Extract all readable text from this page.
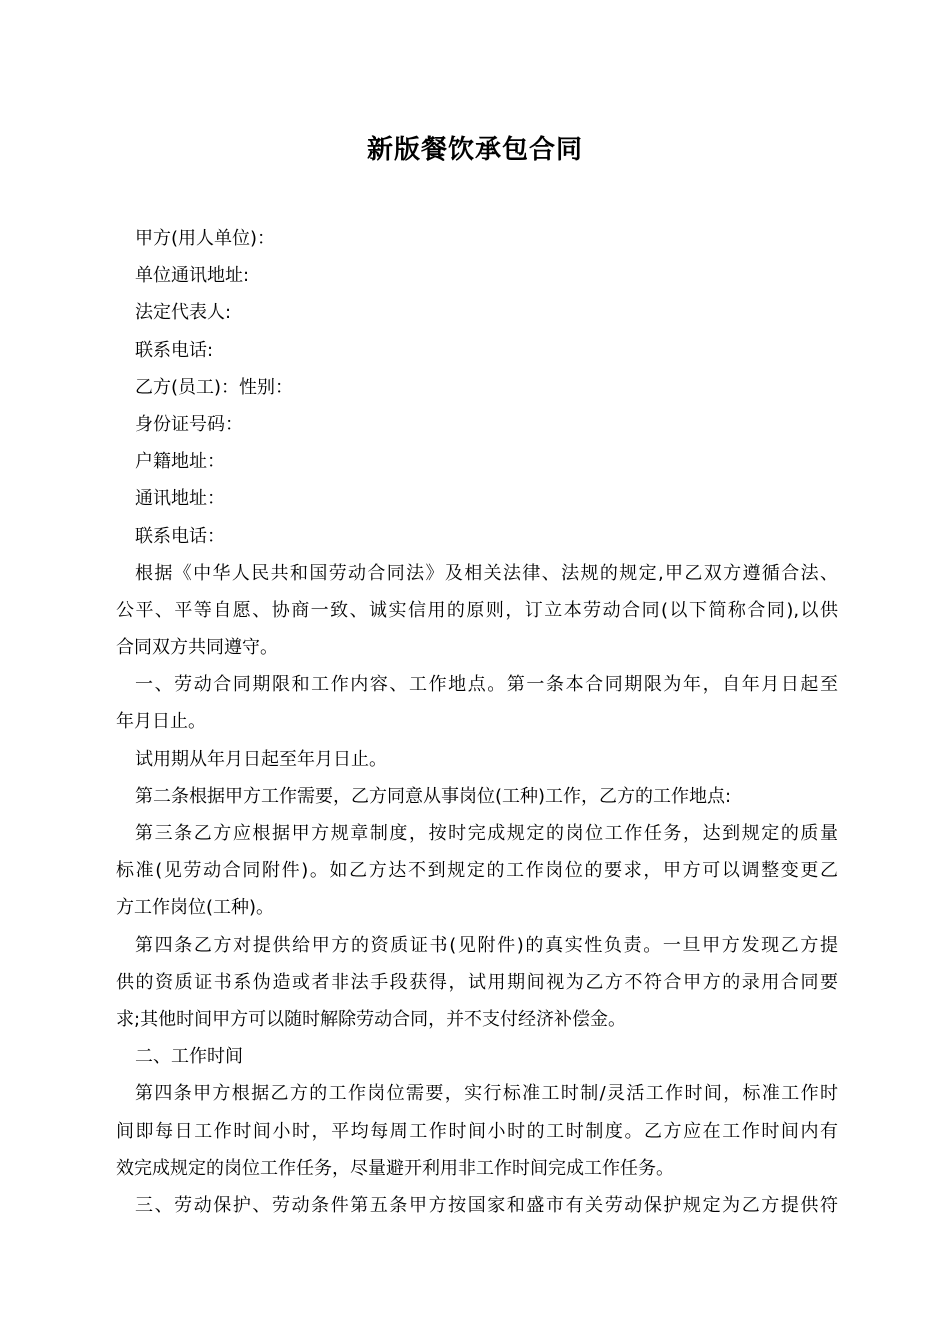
新版餐饮承包合同
甲方(用人单位)：
单位通讯地址:
法定代表人:
联系电话:
乙方(员工)：性别：
身份证号码：
户籍地址：
通讯地址：
联系电话：
根据《中华人民共和国劳动合同法》及相关法律、法规的规定,甲乙双方遵循合法、
公平、平等自愿、协商一致、诚实信用的原则，订立本劳动合同(以下简称合同),以供
合同双方共同遵守。
一、劳动合同期限和工作内容、工作地点。第一条本合同期限为年，自年月日起至
年月日止。
试用期从年月日起至年月日止。
第二条根据甲方工作需要，乙方同意从事岗位(工种)工作，乙方的工作地点:
第三条乙方应根据甲方规章制度，按时完成规定的岗位工作任务，达到规定的质量
标准(见劳动合同附件)。如乙方达不到规定的工作岗位的要求，甲方可以调整变更乙
方工作岗位(工种)。
第四条乙方对提供给甲方的资质证书(见附件)的真实性负责。一旦甲方发现乙方提
供的资质证书系伪造或者非法手段获得，试用期间视为乙方不符合甲方的录用合同要
求;其他时间甲方可以随时解除劳动合同，并不支付经济补偿金。
二、工作时间
第四条甲方根据乙方的工作岗位需要，实行标准工时制/灵活工作时间，标准工作时
间即每日工作时间小时，平均每周工作时间小时的工时制度。乙方应在工作时间内有
效完成规定的岗位工作任务，尽量避开利用非工作时间完成工作任务。
三、劳动保护、劳动条件第五条甲方按国家和盛市有关劳动保护规定为乙方提供符
